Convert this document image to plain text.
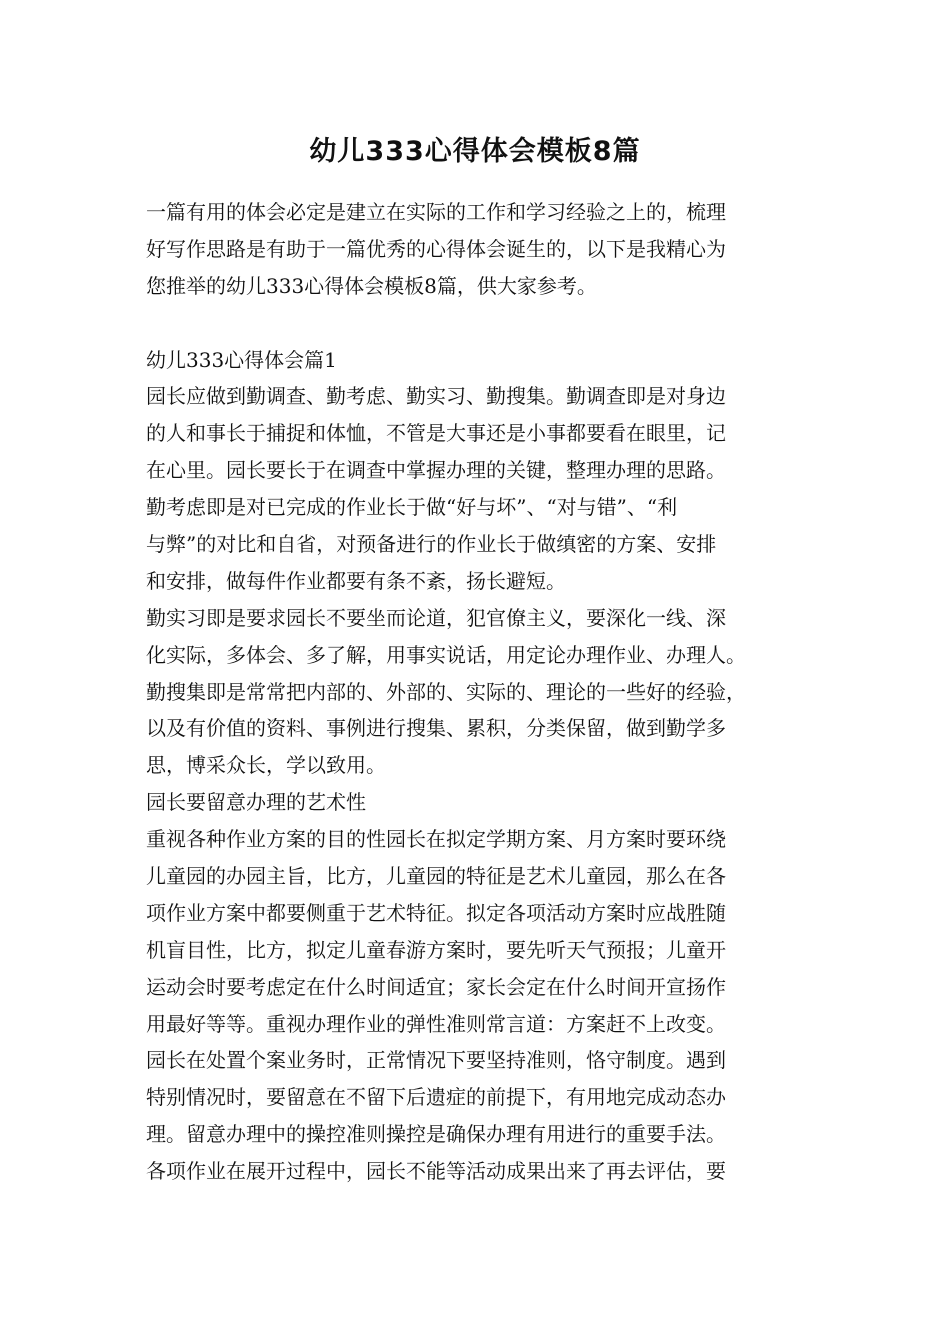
幼儿333心得体会模板8篇
一篇有用的体会必定是建立在实际的工作和学习经验之上的，梳理
好写作思路是有助于一篇优秀的心得体会诞生的，以下是我精心为
您推举的幼儿333心得体会模板8篇，供大家参考。
幼儿333心得体会篇1
园长应做到勤调查、勤考虑、勤实习、勤搜集。勤调查即是对身边
的人和事长于捕捉和体恤，不管是大事还是小事都要看在眼里，记
在心里。园长要长于在调查中掌握办理的关键，整理办理的思路。
勤考虑即是对已完成的作业长于做“好与坏”、“对与错”、“利
与弊”的对比和自省，对预备进行的作业长于做缜密的方案、安排
和安排，做每件作业都要有条不紊，扬长避短。
勤实习即是要求园长不要坐而论道，犯官僚主义，要深化一线、深
化实际，多体会、多了解，用事实说话，用定论办理作业、办理人。
勤搜集即是常常把内部的、外部的、实际的、理论的一些好的经验，
以及有价值的资料、事例进行搜集、累积，分类保留，做到勤学多
思，博采众长，学以致用。
园长要留意办理的艺术性
重视各种作业方案的目的性园长在拟定学期方案、月方案时要环绕
儿童园的办园主旨，比方，儿童园的特征是艺术儿童园，那么在各
项作业方案中都要侧重于艺术特征。拟定各项活动方案时应战胜随
机盲目性，比方，拟定儿童春游方案时，要先听天气预报；儿童开
运动会时要考虑定在什么时间适宜；家长会定在什么时间开宣扬作
用最好等等。重视办理作业的弹性准则常言道：方案赶不上改变。
园长在处置个案业务时，正常情况下要坚持准则，恪守制度。遇到
特别情况时，要留意在不留下后遗症的前提下，有用地完成动态办
理。留意办理中的操控准则操控是确保办理有用进行的重要手法。
各项作业在展开过程中，园长不能等活动成果出来了再去评估，要
